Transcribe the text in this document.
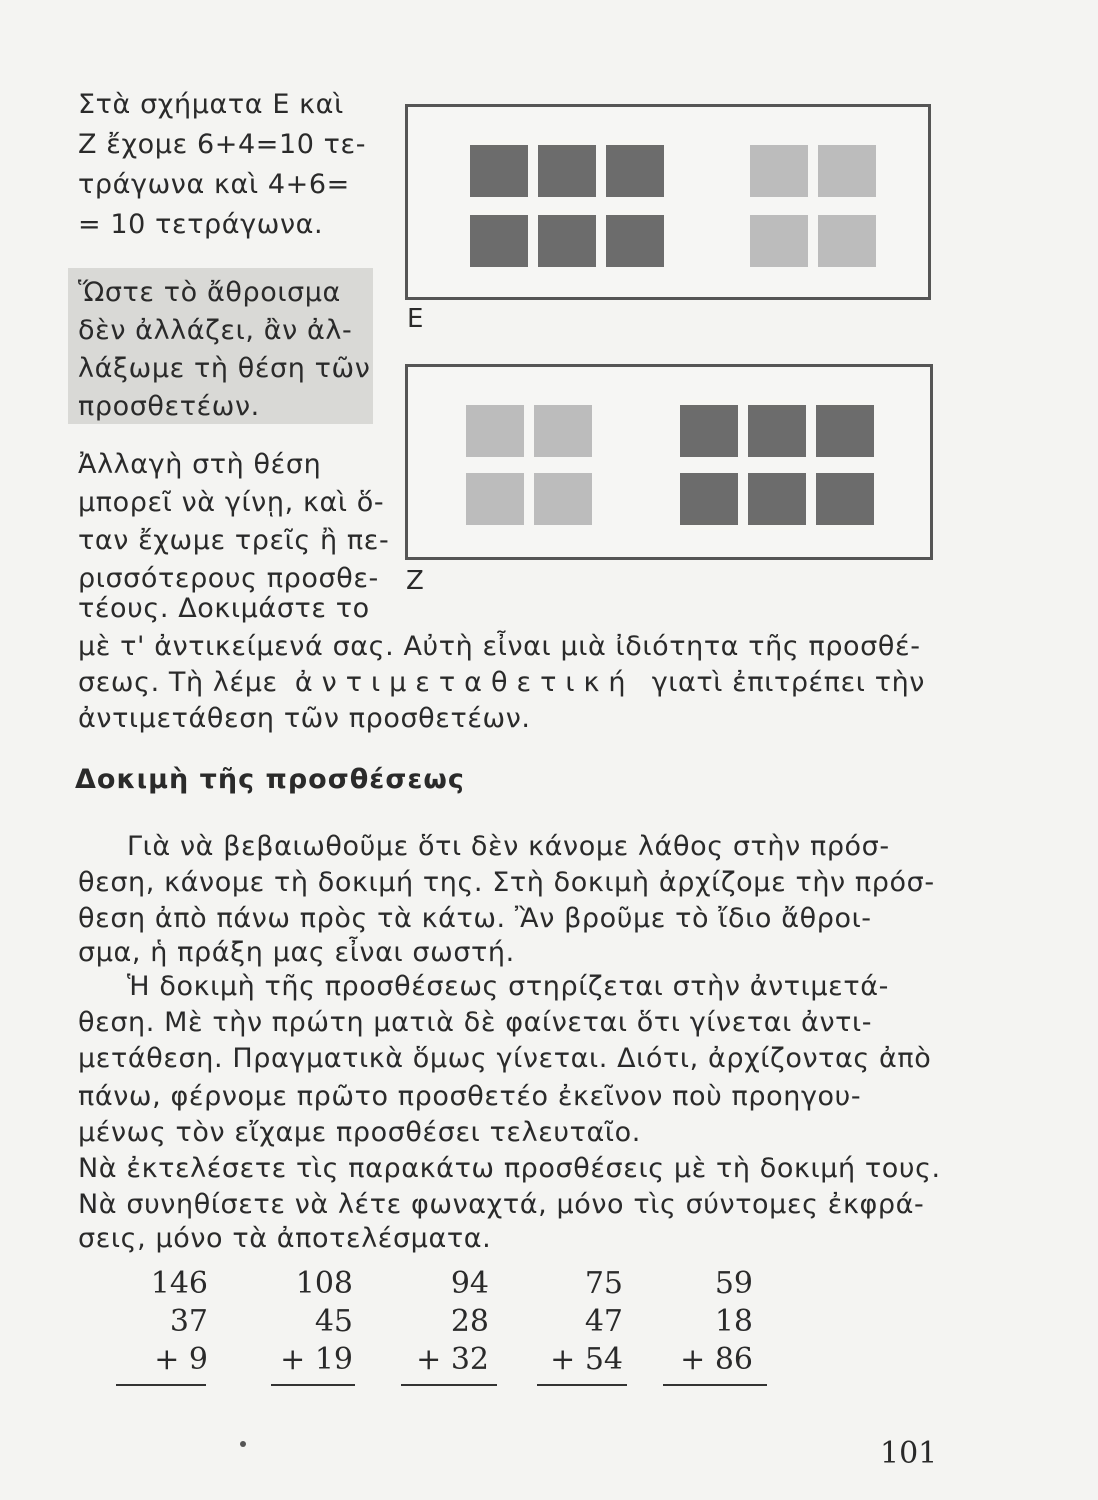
Στὰ σχήματα Ε καὶ
Ζ ἔχομε 6+4=10 τε-
τράγωνα καὶ 4+6=
= 10 τετράγωνα.
Ὥστε τὸ ἄθροισμα
δὲν ἀλλάζει, ἂν ἀλ-
λάξωμε τὴ θέση τῶν
προσθετέων.
Ἀλλαγὴ στὴ θέση
μπορεῖ νὰ γίνῃ, καὶ ὅ-
ταν ἔχωμε τρεῖς ἢ πε-
ρισσότερους προσθε-
τέους. Δοκιμάστε το
Ε
Ζ
μὲ τ' ἀντικείμενά σας. Αὐτὴ εἶναι μιὰ ἰδιότητα τῆς προσθέ-
σεως. Τὴ λέμε ἀντιμεταθετική γιατὶ ἐπιτρέπει τὴν
ἀντιμετάθεση τῶν προσθετέων.
Δοκιμὴ τῆς προσθέσεως
Γιὰ νὰ βεβαιωθοῦμε ὅτι δὲν κάνομε λάθος στὴν πρόσ-
θεση, κάνομε τὴ δοκιμή της. Στὴ δοκιμὴ ἀρχίζομε τὴν πρόσ-
θεση ἀπὸ πάνω πρὸς τὰ κάτω. Ἂν βροῦμε τὸ ἴδιο ἄθροι-
σμα, ἡ πράξη μας εἶναι σωστή.
Ἡ δοκιμὴ τῆς προσθέσεως στηρίζεται στὴν ἀντιμετά-
θεση. Μὲ τὴν πρώτη ματιὰ δὲ φαίνεται ὅτι γίνεται ἀντι-
μετάθεση. Πραγματικὰ ὅμως γίνεται. Διότι, ἀρχίζοντας ἀπὸ
πάνω, φέρνομε πρῶτο προσθετέο ἐκεῖνον ποὺ προηγου-
μένως τὸν εἴχαμε προσθέσει τελευταῖο.
Νὰ ἐκτελέσετε τὶς παρακάτω προσθέσεις μὲ τὴ δοκιμή τους.
Νὰ συνηθίσετε νὰ λέτε φωναχτά, μόνο τὶς σύντομες ἐκφρά-
σεις, μόνο τὰ ἀποτελέσματα.
146
37
+ 9
108
45
+ 19
94
28
+ 32
75
47
+ 54
59
18
+ 86
101
